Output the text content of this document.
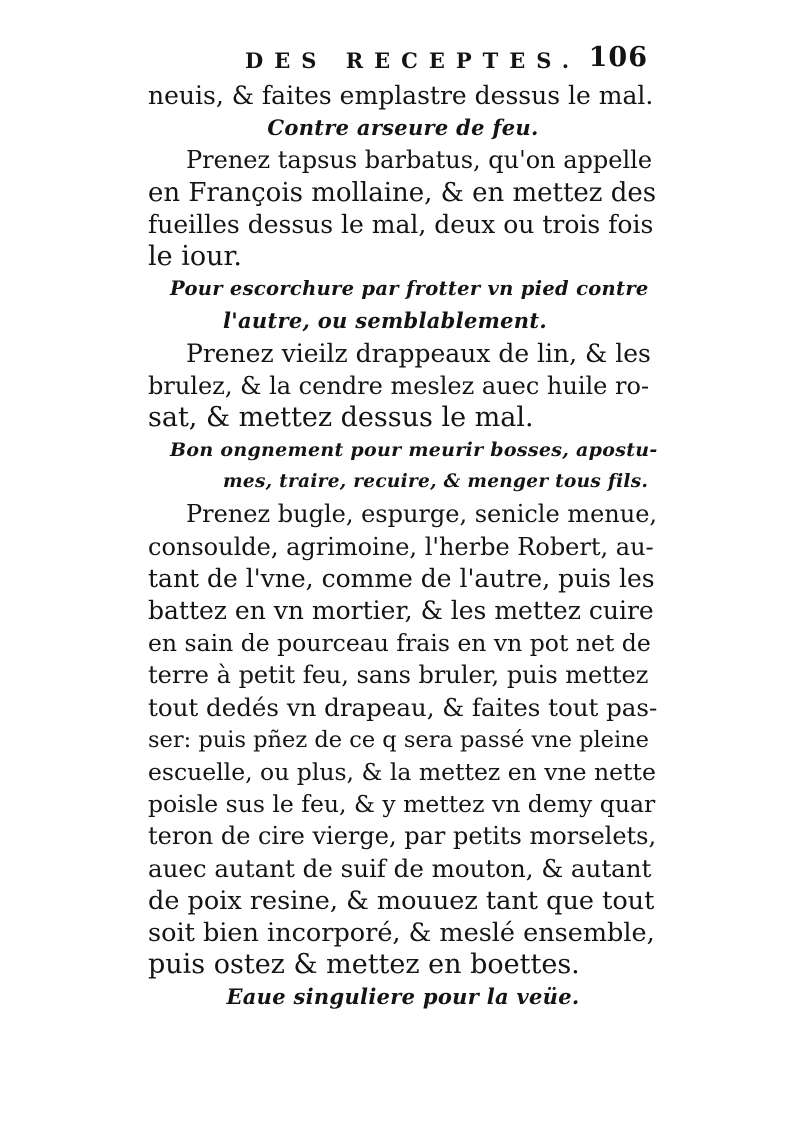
DES RECEPTES. 106
neuis, & faites emplastre dessus le mal.
Contre arseure de feu.
Prenez tapsus barbatus, qu'on appelle
en François mollaine, & en mettez des
fueilles dessus le mal, deux ou trois fois
le iour.
Pour escorchure par frotter vn pied contre
l'autre, ou semblablement.
Prenez vieilz drappeaux de lin, & les
brulez, & la cendre meslez auec huile ro-
sat, & mettez dessus le mal.
Bon ongnement pour meurir bosses, apostu-
mes, traire, recuire, & menger tous fils.
Prenez bugle, espurge, senicle menue,
consoulde, agrimoine, l'herbe Robert, au-
tant de l'vne, comme de l'autre, puis les
battez en vn mortier, & les mettez cuire
en sain de pourceau frais en vn pot net de
terre à petit feu, sans bruler, puis mettez
tout dedés vn drapeau, & faites tout pas-
ser: puis pñez de ce q sera passé vne pleine
escuelle, ou plus, & la mettez en vne nette
poisle sus le feu, & y mettez vn demy quar
teron de cire vierge, par petits morselets,
auec autant de suif de mouton, & autant
de poix resine, & mouuez tant que tout
soit bien incorporé, & meslé ensemble,
puis ostez & mettez en boettes.
Eaue singuliere pour la veüe.
